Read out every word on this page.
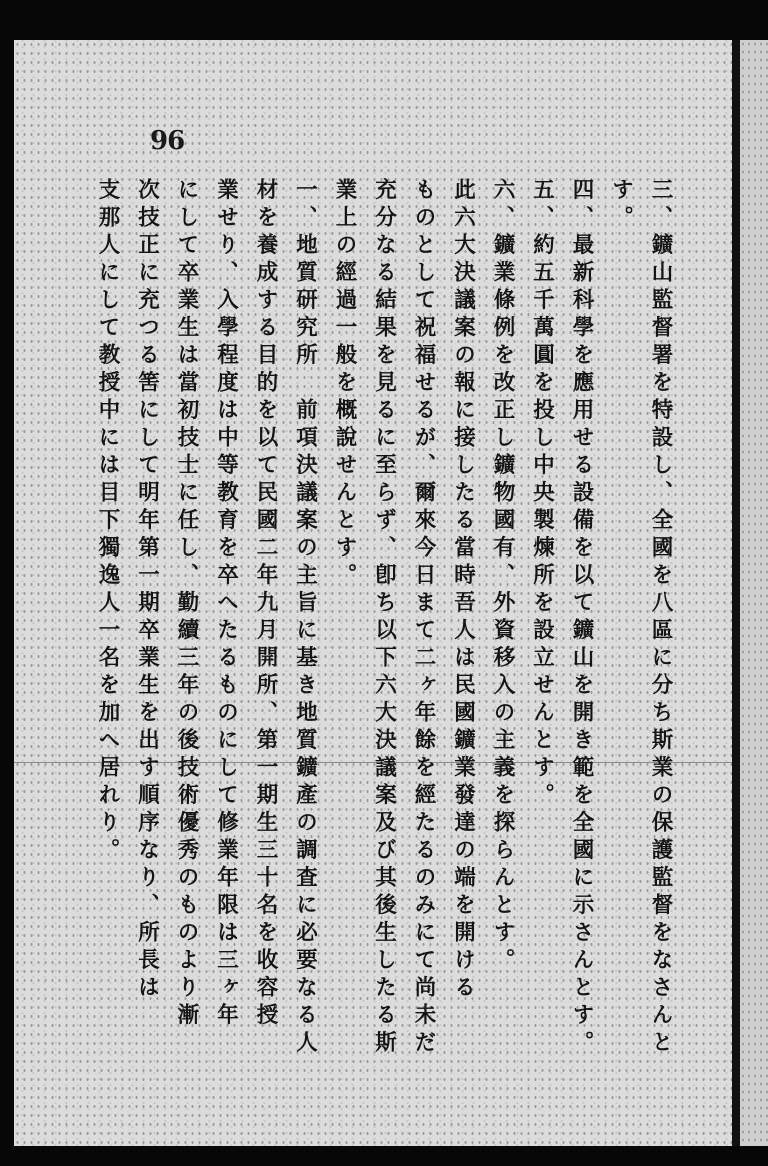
96
三、鑛山監督署を特設し、全國を八區に分ち斯業の保護監督をなさんと
す。
四、最新科學を應用せる設備を以て鑛山を開き範を全國に示さんとす。
五、約五千萬圓を投し中央製煉所を設立せんとす。
六、鑛業條例を改正し鑛物國有、外資移入の主義を探らんとす。
此六大決議案の報に接したる當時吾人は民國鑛業發達の端を開ける
ものとして祝福せるが、爾來今日まて二ヶ年餘を經たるのみにて尚未だ
充分なる結果を見るに至らず、卽ち以下六大決議案及び其後生したる斯
業上の經過一般を概說せんとす。
一、地質研究所　前項決議案の主旨に基き地質鑛產の調査に必要なる人
材を養成する目的を以て民國二年九月開所、第一期生三十名を收容授
業せり、入學程度は中等教育を卒へたるものにして修業年限は三ヶ年
にして卒業生は當初技士に任し、勤續三年の後技術優秀のものより漸
次技正に充つる筈にして明年第一期卒業生を出す順序なり、所長は
支那人にして教授中には目下獨逸人一名を加へ居れり。
